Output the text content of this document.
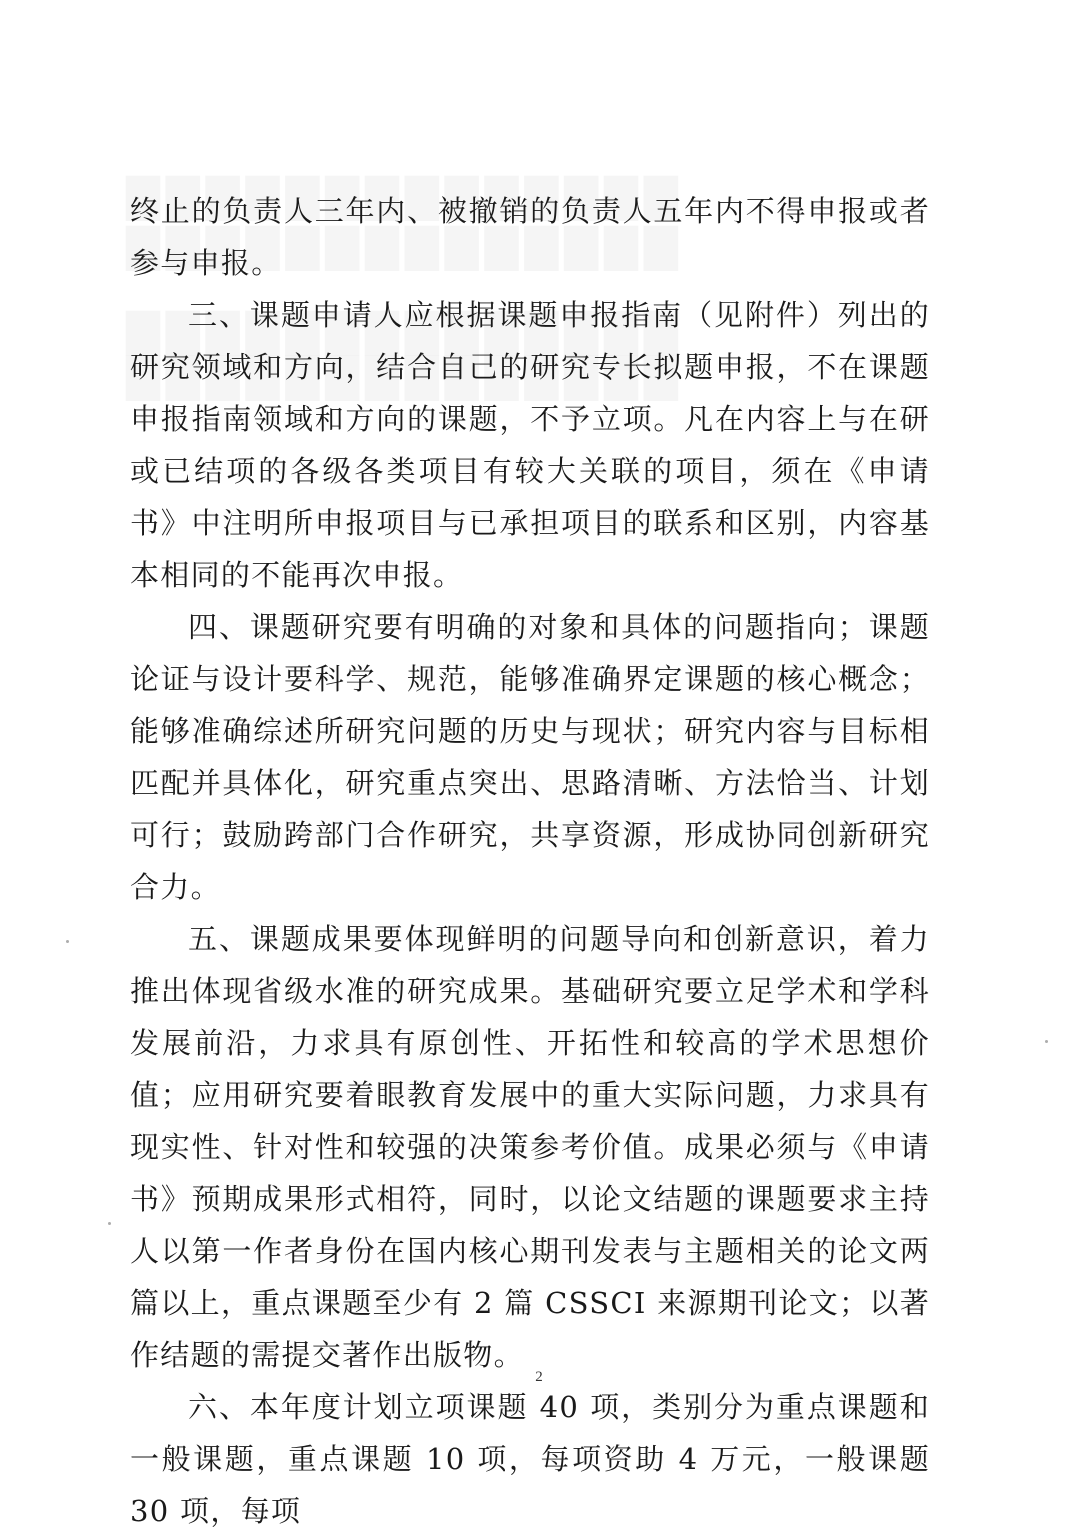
终止的负责人三年内、被撤销的负责人五年内不得申报或者参与申报。

三、课题申请人应根据课题申报指南（见附件）列出的研究领域和方向，结合自己的研究专长拟题申报，不在课题申报指南领域和方向的课题，不予立项。凡在内容上与在研或已结项的各级各类项目有较大关联的项目，须在《申请书》中注明所申报项目与已承担项目的联系和区别，内容基本相同的不能再次申报。

四、课题研究要有明确的对象和具体的问题指向；课题论证与设计要科学、规范，能够准确界定课题的核心概念；能够准确综述所研究问题的历史与现状；研究内容与目标相匹配并具体化，研究重点突出、思路清晰、方法恰当、计划可行；鼓励跨部门合作研究，共享资源，形成协同创新研究合力。

五、课题成果要体现鲜明的问题导向和创新意识，着力推出体现省级水准的研究成果。基础研究要立足学术和学科发展前沿，力求具有原创性、开拓性和较高的学术思想价值；应用研究要着眼教育发展中的重大实际问题，力求具有现实性、针对性和较强的决策参考价值。成果必须与《申请书》预期成果形式相符，同时，以论文结题的课题要求主持人以第一作者身份在国内核心期刊发表与主题相关的论文两篇以上，重点课题至少有 2 篇 CSSCI 来源期刊论文；以著作结题的需提交著作出版物。

六、本年度计划立项课题 40 项，类别分为重点课题和一般课题，重点课题 10 项，每项资助 4 万元，一般课题 30 项，每项

2
